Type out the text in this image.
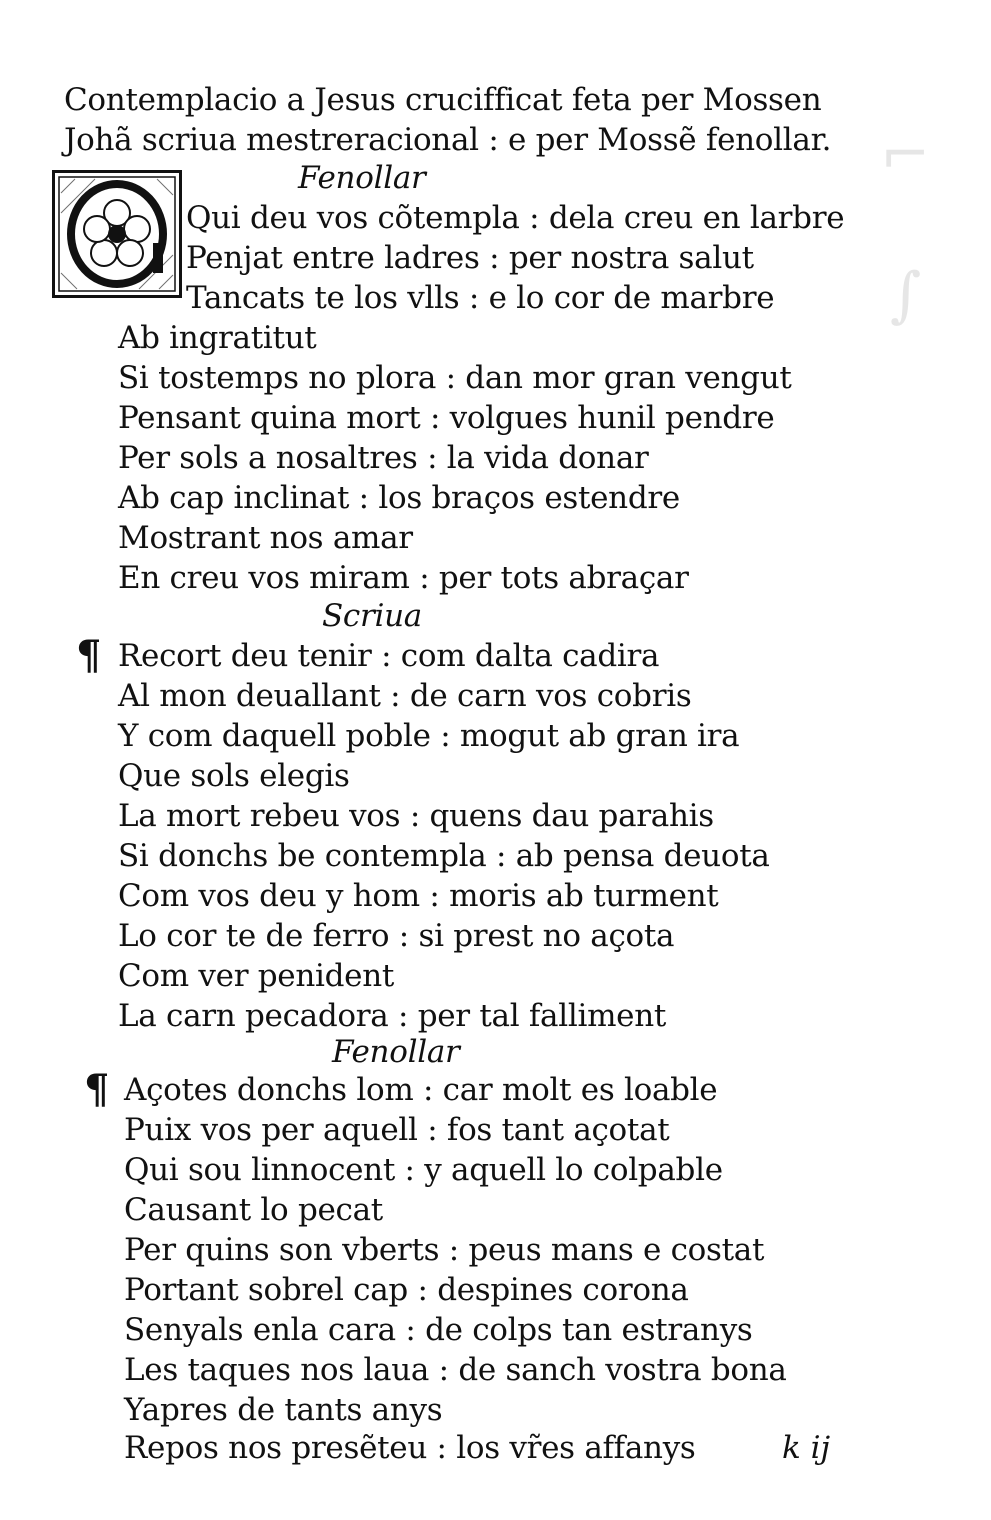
⌐
∫
Contemplacio a Jesus crucifficat feta per Mossen
Johã scriua mestreracional : e per Mossẽ fenollar.
Fenollar
Qui deu vos cõtempla : dela creu en larbre
Penjat entre ladres : per nostra salut
Tancats te los vlls : e lo cor de marbre
Ab ingratitut
Si tostemps no plora : dan mor gran vengut
Pensant quina mort : volgues hunil pendre
Per sols a nosaltres : la vida donar
Ab cap inclinat : los braços estendre
Mostrant nos amar
En creu vos miram : per tots abraçar
Scriua
¶ Recort deu tenir : com dalta cadira
Al mon deuallant : de carn vos cobris
Y com daquell poble : mogut ab gran ira
Que sols elegis
La mort rebeu vos : quens dau parahis
Si donchs be contempla : ab pensa deuota
Com vos deu y hom : moris ab turment
Lo cor te de ferro : si prest no açota
Com ver penident
La carn pecadora : per tal falliment
Fenollar
¶ Açotes donchs lom : car molt es loable
Puix vos per aquell : fos tant açotat
Qui sou linnocent : y aquell lo colpable
Causant lo pecat
Per quins son vberts : peus mans e costat
Portant sobrel cap : despines corona
Senyals enla cara : de colps tan estranys
Les taques nos laua : de sanch vostra bona
Yapres de tants anys
Repos nos presẽteu : los vr̃es affanys	k ij
